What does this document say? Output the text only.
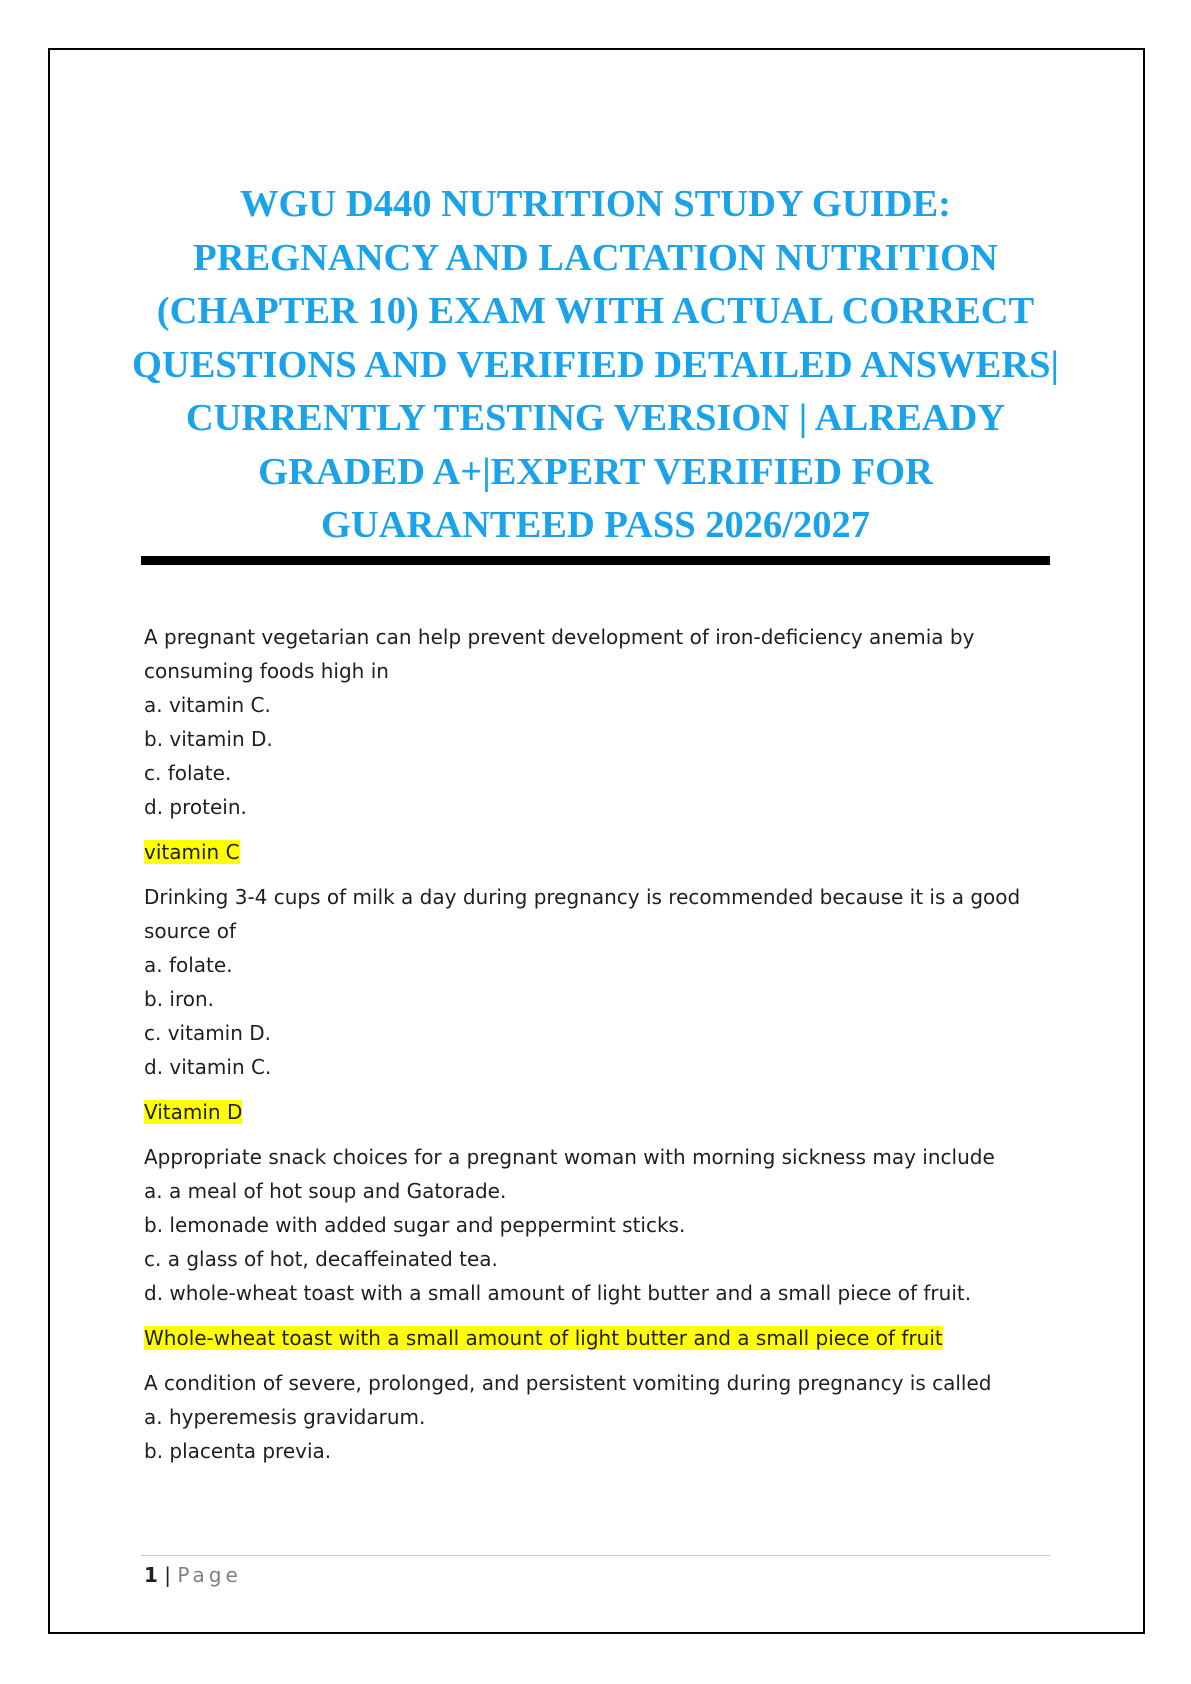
WGU D440 NUTRITION STUDY GUIDE: PREGNANCY AND LACTATION NUTRITION (CHAPTER 10) EXAM WITH ACTUAL CORRECT QUESTIONS AND VERIFIED DETAILED ANSWERS| CURRENTLY TESTING VERSION | ALREADY GRADED A+|EXPERT VERIFIED FOR GUARANTEED PASS 2026/2027

A pregnant vegetarian can help prevent development of iron-deficiency anemia by consuming foods high in

a. vitamin C.

b. vitamin D.

c. folate.

d. protein.

vitamin C

Drinking 3-4 cups of milk a day during pregnancy is recommended because it is a good source of

a. folate.

b. iron.

c. vitamin D.

d. vitamin C.

Vitamin D

Appropriate snack choices for a pregnant woman with morning sickness may include

a. a meal of hot soup and Gatorade.

b. lemonade with added sugar and peppermint sticks.

c. a glass of hot, decaffeinated tea.

d. whole-wheat toast with a small amount of light butter and a small piece of fruit.

Whole-wheat toast with a small amount of light butter and a small piece of fruit

A condition of severe, prolonged, and persistent vomiting during pregnancy is called

a. hyperemesis gravidarum.

b. placenta previa.

1 | Page
